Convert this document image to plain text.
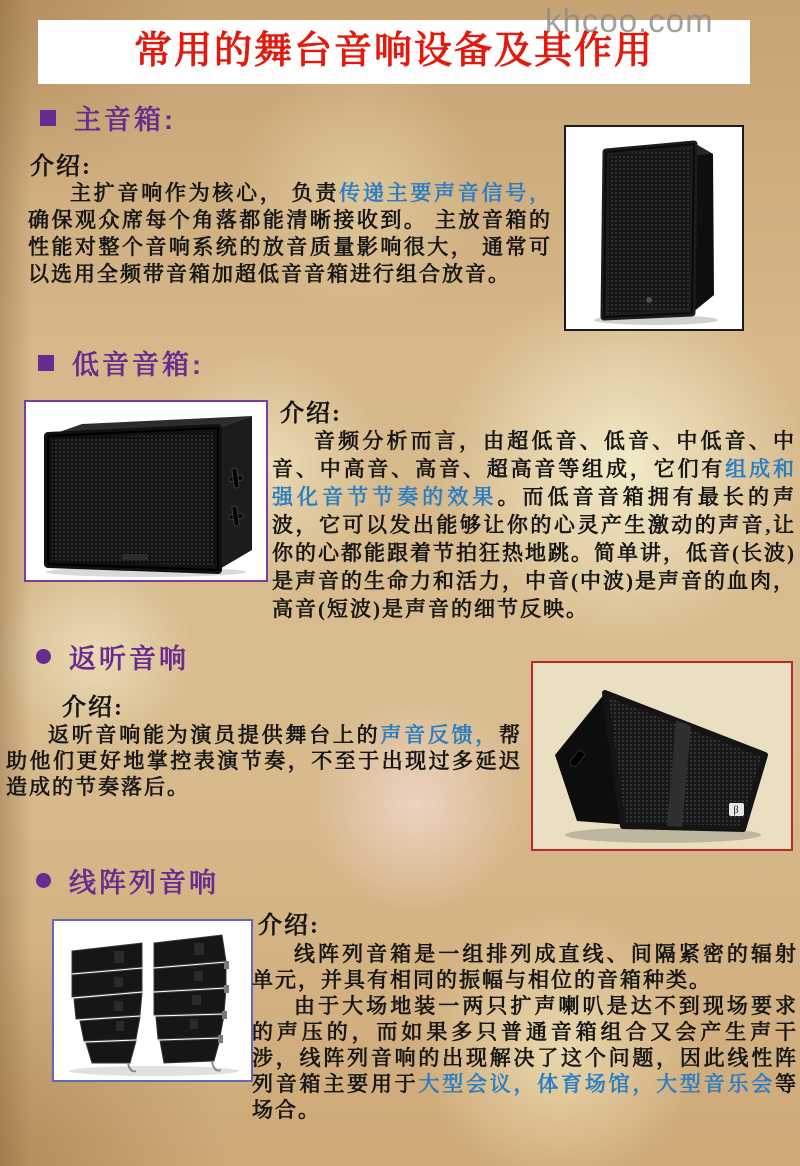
khcoo.com
常用的舞台音响设备及其作用
主音箱:
介绍:

主扩音响作为核心， 负责传递主要声音信号，确保观众席每个角落都能清晰接收到。 主放音箱的性能对整个音响系统的放音质量影响很大， 通常可以选用全频带音箱加超低音音箱进行组合放音。

低音音箱:
介绍:

音频分析而言，由超低音、低音、中低音、中音、中高音、高音、超高音等组成，它们有组成和强化音节节奏的效果。而低音音箱拥有最长的声波，它可以发出能够让你的心灵产生激动的声音,让你的心都能跟着节拍狂热地跳。简单讲，低音(长波)是声音的生命力和活力，中音(中波)是声音的血肉，高音(短波)是声音的细节反映。

返听音响
介绍:

返听音响能为演员提供舞台上的声音反馈，帮助他们更好地掌控表演节奏，不至于出现过多延迟造成的节奏落后。

β
线阵列音响
介绍:

线阵列音箱是一组排列成直线、间隔紧密的辐射单元，并具有相同的振幅与相位的音箱种类。

由于大场地装一两只扩声喇叭是达不到现场要求的声压的，而如果多只普通音箱组合又会产生声干涉，线阵列音响的出现解决了这个问题，因此线性阵列音箱主要用于大型会议，体育场馆，大型音乐会等场合。
